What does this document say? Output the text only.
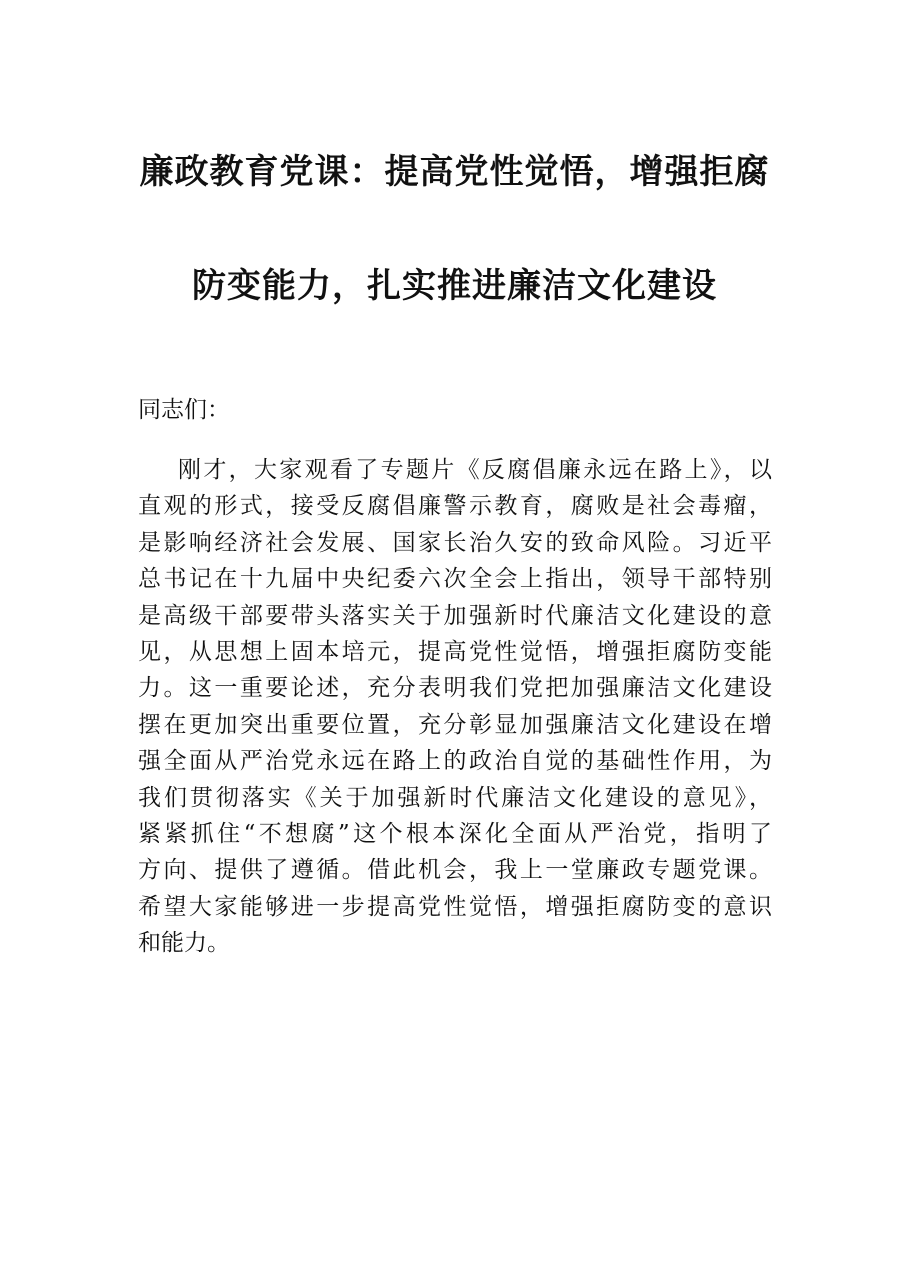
廉政教育党课：提高党性觉悟，增强拒腐
防变能力，扎实推进廉洁文化建设

同志们：

刚才，大家观看了专题片《反腐倡廉永远在路上》，以
直观的形式，接受反腐倡廉警示教育，腐败是社会毒瘤，
是影响经济社会发展、国家长治久安的致命风险。习近平
总书记在十九届中央纪委六次全会上指出，领导干部特别
是高级干部要带头落实关于加强新时代廉洁文化建设的意
见，从思想上固本培元，提高党性觉悟，增强拒腐防变能
力。这一重要论述，充分表明我们党把加强廉洁文化建设
摆在更加突出重要位置，充分彰显加强廉洁文化建设在增
强全面从严治党永远在路上的政治自觉的基础性作用，为
我们贯彻落实《关于加强新时代廉洁文化建设的意见》，
紧紧抓住“不想腐”这个根本深化全面从严治党，指明了
方向、提供了遵循。借此机会，我上一堂廉政专题党课。
希望大家能够进一步提高党性觉悟，增强拒腐防变的意识
和能力。
